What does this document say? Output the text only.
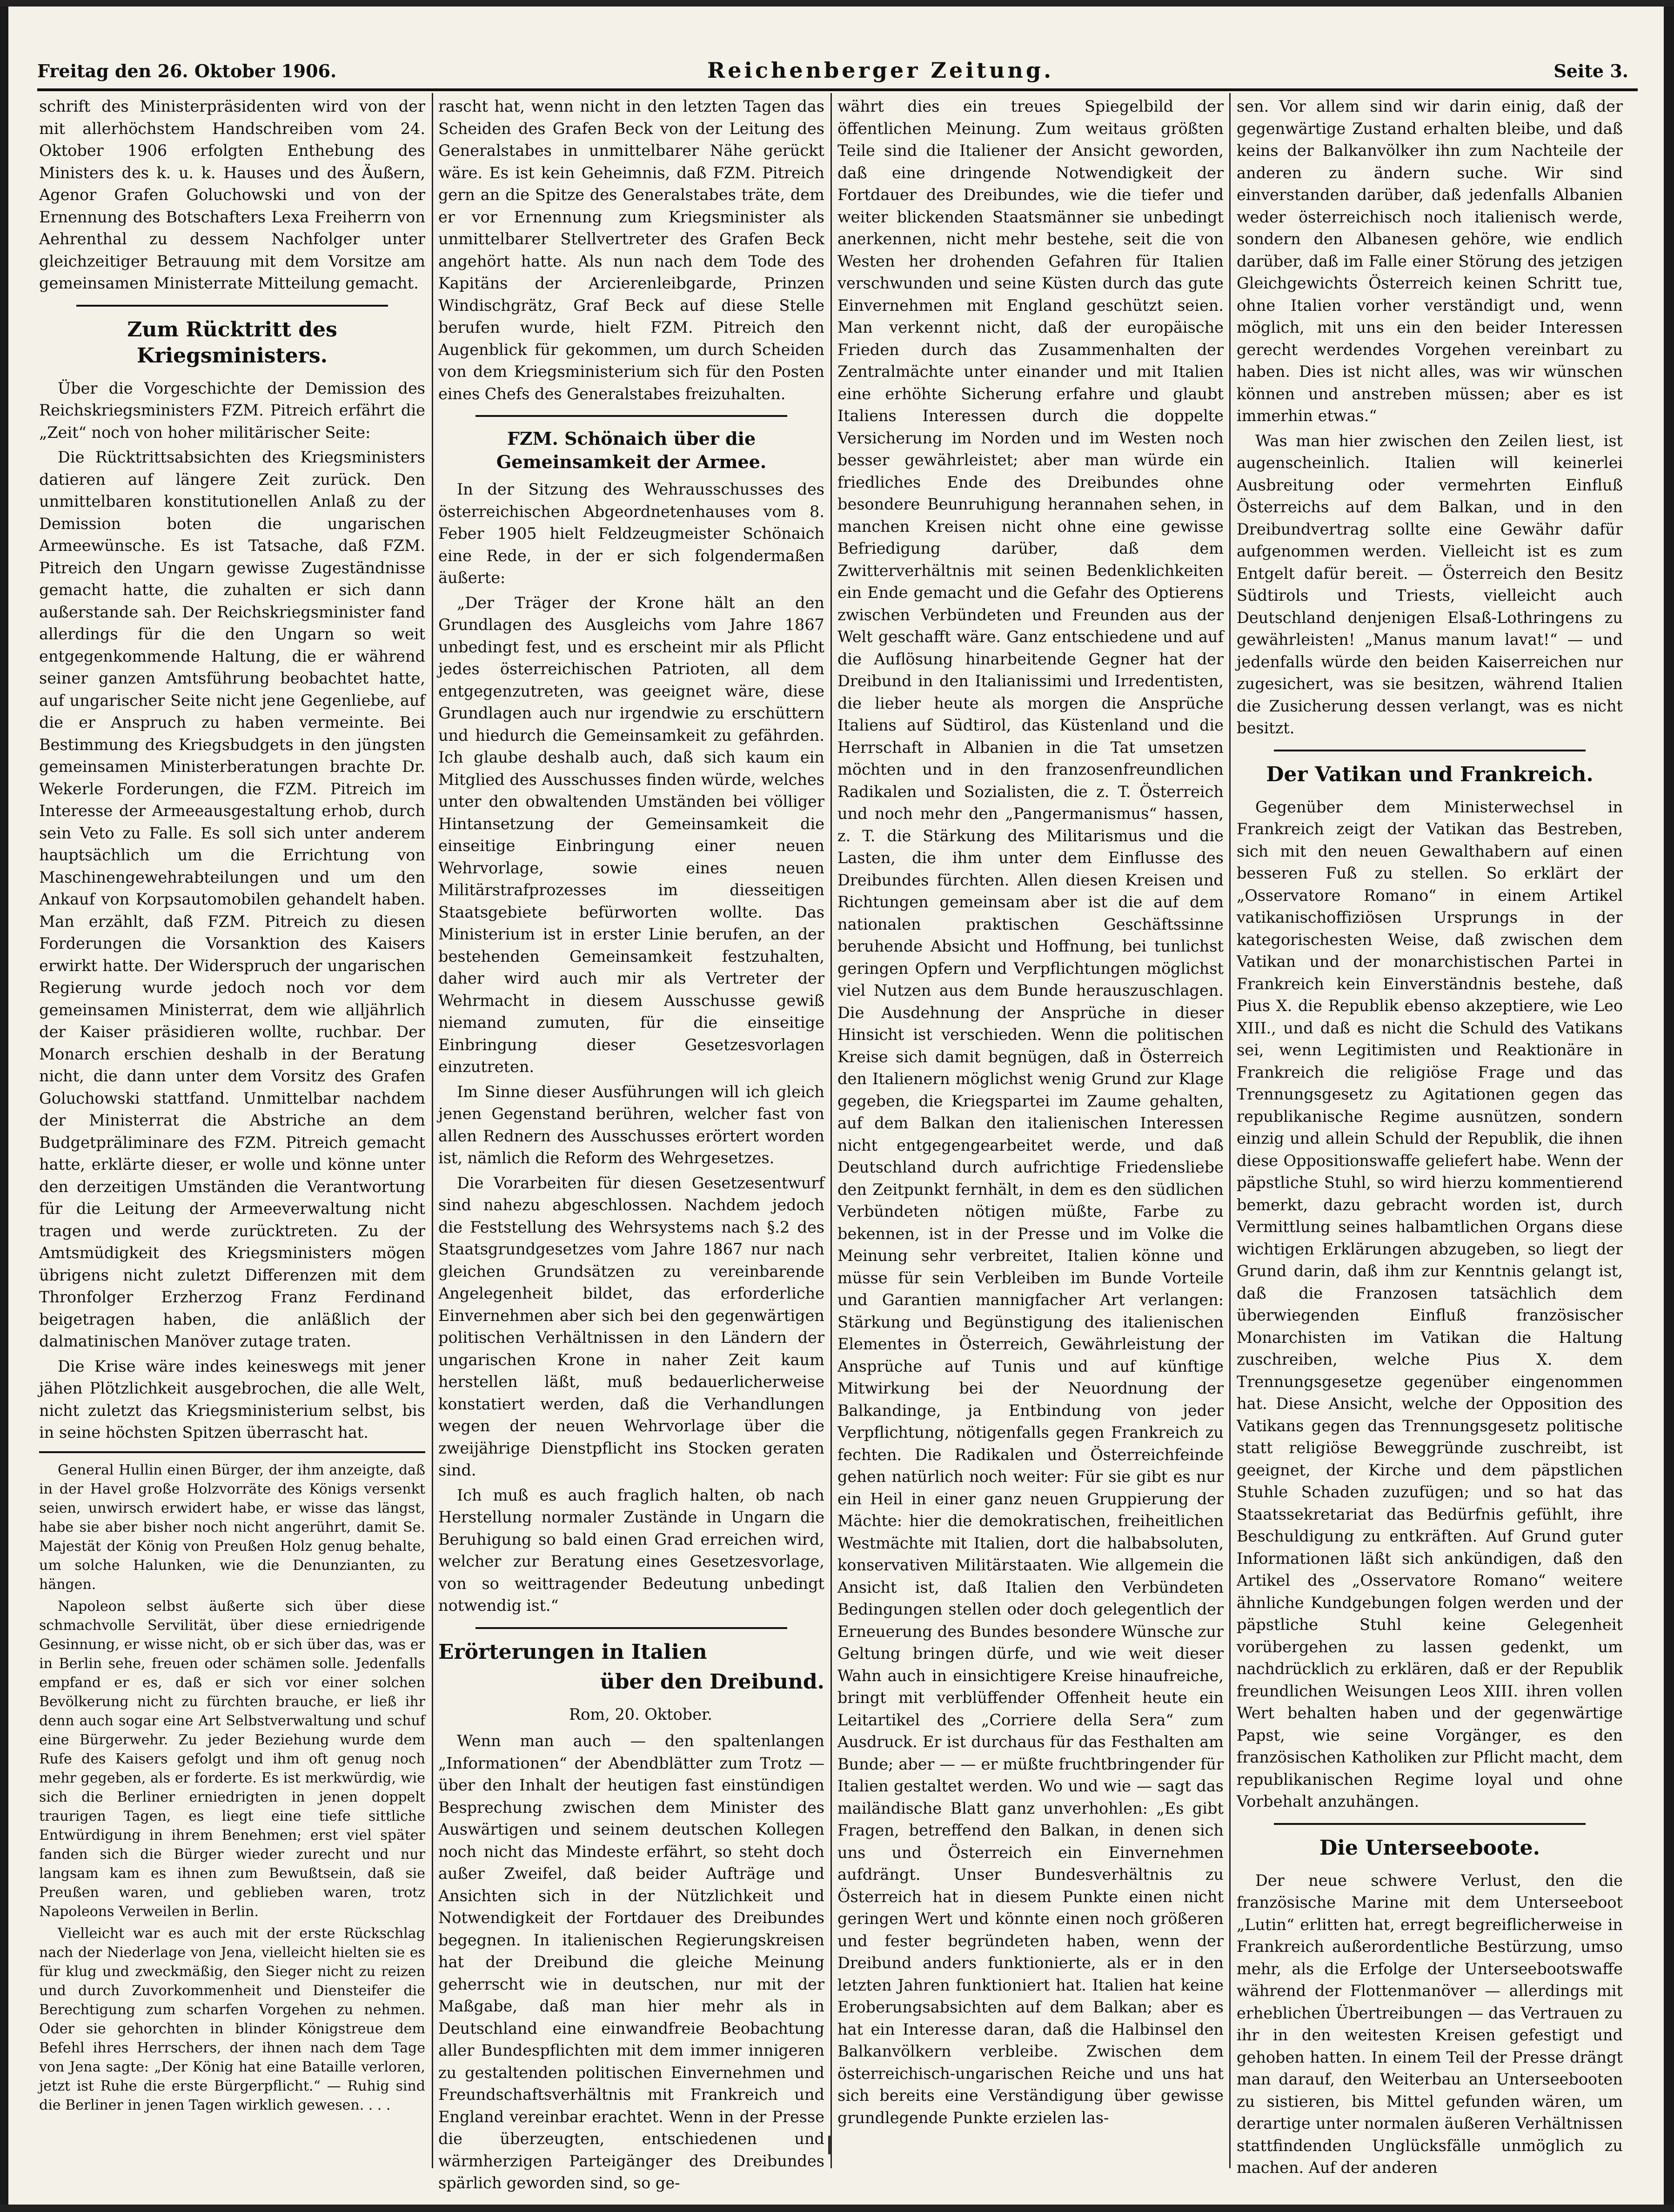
Freitag den 26. Oktober 1906.	Reichenberger Zeitung.	Seite 3.

schrift des Ministerpräsidenten wird von der mit allerhöchstem Handschreiben vom 24. Oktober 1906 erfolgten Enthebung des Ministers des k. u. k. Hauses und des Äußern, Agenor Grafen Goluchowski und von der Ernennung des Botschafters Lexa Freiherrn von Aehrenthal zu dessem Nachfolger unter gleichzeitiger Betrauung mit dem Vorsitze am gemeinsamen Ministerrate Mitteilung gemacht.

Zum Rücktritt des Kriegsministers.

Über die Vorgeschichte der Demission des Reichskriegsministers FZM. Pitreich erfährt die „Zeit“ noch von hoher militärischer Seite:

Die Rücktrittsabsichten des Kriegsministers datieren auf längere Zeit zurück. Den unmittelbaren konstitutionellen Anlaß zu der Demission boten die ungarischen Armeewünsche. Es ist Tatsache, daß FZM. Pitreich den Ungarn gewisse Zugeständnisse gemacht hatte, die zuhalten er sich dann außerstande sah. Der Reichskriegsminister fand allerdings für die den Ungarn so weit entgegenkommende Haltung, die er während seiner ganzen Amtsführung beobachtet hatte, auf ungarischer Seite nicht jene Gegenliebe, auf die er Anspruch zu haben vermeinte. Bei Bestimmung des Kriegsbudgets in den jüngsten gemeinsamen Ministerberatungen brachte Dr. Wekerle Forderungen, die FZM. Pitreich im Interesse der Armeeausgestaltung erhob, durch sein Veto zu Falle. Es soll sich unter anderem hauptsächlich um die Errichtung von Maschinengewehrabteilungen und um den Ankauf von Korpsautomobilen gehandelt haben. Man erzählt, daß FZM. Pitreich zu diesen Forderungen die Vorsanktion des Kaisers erwirkt hatte. Der Widerspruch der ungarischen Regierung wurde jedoch noch vor dem gemeinsamen Ministerrat, dem wie alljährlich der Kaiser präsidieren wollte, ruchbar. Der Monarch erschien deshalb in der Beratung nicht, die dann unter dem Vorsitz des Grafen Goluchowski stattfand. Unmittelbar nachdem der Ministerrat die Abstriche an dem Budgetpräliminare des FZM. Pitreich gemacht hatte, erklärte dieser, er wolle und könne unter den derzeitigen Umständen die Verantwortung für die Leitung der Armeeverwaltung nicht tragen und werde zurücktreten. Zu der Amtsmüdigkeit des Kriegsministers mögen übrigens nicht zuletzt Differenzen mit dem Thronfolger Erzherzog Franz Ferdinand beigetragen haben, die anläßlich der dalmatinischen Manöver zutage traten.

Die Krise wäre indes keineswegs mit jener jähen Plötzlichkeit ausgebrochen, die alle Welt, nicht zuletzt das Kriegsministerium selbst, bis in seine höchsten Spitzen überrascht hat.

General Hullin einen Bürger, der ihm anzeigte, daß in der Havel große Holzvorräte des Königs versenkt seien, unwirsch erwidert habe, er wisse das längst, habe sie aber bisher noch nicht angerührt, damit Se. Majestät der König von Preußen Holz genug behalte, um solche Halunken, wie die Denunzianten, zu hängen.

Napoleon selbst äußerte sich über diese schmachvolle Servilität, über diese erniedrigende Gesinnung, er wisse nicht, ob er sich über das, was er in Berlin sehe, freuen oder schämen solle. Jedenfalls empfand er es, daß er sich vor einer solchen Bevölkerung nicht zu fürchten brauche, er ließ ihr denn auch sogar eine Art Selbstverwaltung und schuf eine Bürgerwehr. Zu jeder Beziehung wurde dem Rufe des Kaisers gefolgt und ihm oft genug noch mehr gegeben, als er forderte. Es ist merkwürdig, wie sich die Berliner erniedrigten in jenen doppelt traurigen Tagen, es liegt eine tiefe sittliche Entwürdigung in ihrem Benehmen; erst viel später fanden sich die Bürger wieder zurecht und nur langsam kam es ihnen zum Bewußtsein, daß sie Preußen waren, und geblieben waren, trotz Napoleons Verweilen in Berlin.

Vielleicht war es auch mit der erste Rückschlag nach der Niederlage von Jena, vielleicht hielten sie es für klug und zweckmäßig, den Sieger nicht zu reizen und durch Zuvorkommenheit und Diensteifer die Berechtigung zum scharfen Vorgehen zu nehmen. Oder sie gehorchten in blinder Königstreue dem Befehl ihres Herrschers, der ihnen nach dem Tage von Jena sagte: „Der König hat eine Bataille verloren, jetzt ist Ruhe die erste Bürgerpflicht.“ — Ruhig sind die Berliner in jenen Tagen wirklich gewesen. . . .

rascht hat, wenn nicht in den letzten Tagen das Scheiden des Grafen Beck von der Leitung des Generalstabes in unmittelbarer Nähe gerückt wäre. Es ist kein Geheimnis, daß FZM. Pitreich gern an die Spitze des Generalstabes träte, dem er vor Ernennung zum Kriegsminister als unmittelbarer Stellvertreter des Grafen Beck angehört hatte. Als nun nach dem Tode des Kapitäns der Arcierenleibgarde, Prinzen Windischgrätz, Graf Beck auf diese Stelle berufen wurde, hielt FZM. Pitreich den Augenblick für gekommen, um durch Scheiden von dem Kriegsministerium sich für den Posten eines Chefs des Generalstabes freizuhalten.

FZM. Schönaich über die Gemeinsamkeit der Armee.

In der Sitzung des Wehrausschusses des österreichischen Abgeordnetenhauses vom 8. Feber 1905 hielt Feldzeugmeister Schönaich eine Rede, in der er sich folgendermaßen äußerte:

„Der Träger der Krone hält an den Grundlagen des Ausgleichs vom Jahre 1867 unbedingt fest, und es erscheint mir als Pflicht jedes österreichischen Patrioten, all dem entgegenzutreten, was geeignet wäre, diese Grundlagen auch nur irgendwie zu erschüttern und hiedurch die Gemeinsamkeit zu gefährden. Ich glaube deshalb auch, daß sich kaum ein Mitglied des Ausschusses finden würde, welches unter den obwaltenden Umständen bei völliger Hintansetzung der Gemeinsamkeit die einseitige Einbringung einer neuen Wehrvorlage, sowie eines neuen Militärstrafprozesses im diesseitigen Staatsgebiete befürworten wollte. Das Ministerium ist in erster Linie berufen, an der bestehenden Gemeinsamkeit festzuhalten, daher wird auch mir als Vertreter der Wehrmacht in diesem Ausschusse gewiß niemand zumuten, für die einseitige Einbringung dieser Gesetzesvorlagen einzutreten.

Im Sinne dieser Ausführungen will ich gleich jenen Gegenstand berühren, welcher fast von allen Rednern des Ausschusses erörtert worden ist, nämlich die Reform des Wehrgesetzes.

Die Vorarbeiten für diesen Gesetzesentwurf sind nahezu abgeschlossen. Nachdem jedoch die Feststellung des Wehrsystems nach §.2 des Staatsgrundgesetzes vom Jahre 1867 nur nach gleichen Grundsätzen zu vereinbarende Angelegenheit bildet, das erforderliche Einvernehmen aber sich bei den gegenwärtigen politischen Verhältnissen in den Ländern der ungarischen Krone in naher Zeit kaum herstellen läßt, muß bedauerlicherweise konstatiert werden, daß die Verhandlungen wegen der neuen Wehrvorlage über die zweijährige Dienstpflicht ins Stocken geraten sind.

Ich muß es auch fraglich halten, ob nach Herstellung normaler Zustände in Ungarn die Beruhigung so bald einen Grad erreichen wird, welcher zur Beratung eines Gesetzesvorlage, von so weittragender Bedeutung unbedingt notwendig ist.“

Erörterungen in Italien
über den Dreibund.

Rom, 20. Oktober.

Wenn man auch — den spaltenlangen „Informationen“ der Abendblätter zum Trotz — über den Inhalt der heutigen fast einstündigen Besprechung zwischen dem Minister des Auswärtigen und seinem deutschen Kollegen noch nicht das Mindeste erfährt, so steht doch außer Zweifel, daß beider Aufträge und Ansichten sich in der Nützlichkeit und Notwendigkeit der Fortdauer des Dreibundes begegnen. In italienischen Regierungskreisen hat der Dreibund die gleiche Meinung geherrscht wie in deutschen, nur mit der Maßgabe, daß man hier mehr als in Deutschland eine einwandfreie Beobachtung aller Bundespflichten mit dem immer innigeren zu gestaltenden politischen Einvernehmen und Freundschaftsverhältnis mit Frankreich und England vereinbar erachtet. Wenn in der Presse die überzeugten, entschiedenen und wärmherzigen Parteigänger des Dreibundes spärlich geworden sind, so ge-

währt dies ein treues Spiegelbild der öffentlichen Meinung. Zum weitaus größten Teile sind die Italiener der Ansicht geworden, daß eine dringende Notwendigkeit der Fortdauer des Dreibundes, wie die tiefer und weiter blickenden Staatsmänner sie unbedingt anerkennen, nicht mehr bestehe, seit die von Westen her drohenden Gefahren für Italien verschwunden und seine Küsten durch das gute Einvernehmen mit England geschützt seien. Man verkennt nicht, daß der europäische Frieden durch das Zusammenhalten der Zentralmächte unter einander und mit Italien eine erhöhte Sicherung erfahre und glaubt Italiens Interessen durch die doppelte Versicherung im Norden und im Westen noch besser gewährleistet; aber man würde ein friedliches Ende des Dreibundes ohne besondere Beunruhigung herannahen sehen, in manchen Kreisen nicht ohne eine gewisse Befriedigung darüber, daß dem Zwitterverhältnis mit seinen Bedenklichkeiten ein Ende gemacht und die Gefahr des Optierens zwischen Verbündeten und Freunden aus der Welt geschafft wäre. Ganz entschiedene und auf die Auflösung hinarbeitende Gegner hat der Dreibund in den Italianissimi und Irredentisten, die lieber heute als morgen die Ansprüche Italiens auf Südtirol, das Küstenland und die Herrschaft in Albanien in die Tat umsetzen möchten und in den franzosenfreundlichen Radikalen und Sozialisten, die z. T. Österreich und noch mehr den „Pangermanismus“ hassen, z. T. die Stärkung des Militarismus und die Lasten, die ihm unter dem Einflusse des Dreibundes fürchten. Allen diesen Kreisen und Richtungen gemeinsam aber ist die auf dem nationalen praktischen Geschäftssinne beruhende Absicht und Hoffnung, bei tunlichst geringen Opfern und Verpflichtungen möglichst viel Nutzen aus dem Bunde herauszuschlagen. Die Ausdehnung der Ansprüche in dieser Hinsicht ist verschieden. Wenn die politischen Kreise sich damit begnügen, daß in Österreich den Italienern möglichst wenig Grund zur Klage gegeben, die Kriegspartei im Zaume gehalten, auf dem Balkan den italienischen Interessen nicht entgegengearbeitet werde, und daß Deutschland durch aufrichtige Friedensliebe den Zeitpunkt fernhält, in dem es den südlichen Verbündeten nötigen müßte, Farbe zu bekennen, ist in der Presse und im Volke die Meinung sehr verbreitet, Italien könne und müsse für sein Verbleiben im Bunde Vorteile und Garantien mannigfacher Art verlangen: Stärkung und Begünstigung des italienischen Elementes in Österreich, Gewährleistung der Ansprüche auf Tunis und auf künftige Mitwirkung bei der Neuordnung der Balkandinge, ja Entbindung von jeder Verpflichtung, nötigenfalls gegen Frankreich zu fechten. Die Radikalen und Österreichfeinde gehen natürlich noch weiter: Für sie gibt es nur ein Heil in einer ganz neuen Gruppierung der Mächte: hier die demokratischen, freiheitlichen Westmächte mit Italien, dort die halbabsoluten, konservativen Militärstaaten. Wie allgemein die Ansicht ist, daß Italien den Verbündeten Bedingungen stellen oder doch gelegentlich der Erneuerung des Bundes besondere Wünsche zur Geltung bringen dürfe, und wie weit dieser Wahn auch in einsichtigere Kreise hinaufreiche, bringt mit verblüffender Offenheit heute ein Leitartikel des „Corriere della Sera“ zum Ausdruck. Er ist durchaus für das Festhalten am Bunde; aber — — er müßte fruchtbringender für Italien gestaltet werden. Wo und wie — sagt das mailändische Blatt ganz unverhohlen: „Es gibt Fragen, betreffend den Balkan, in denen sich uns und Österreich ein Einvernehmen aufdrängt. Unser Bundesverhältnis zu Österreich hat in diesem Punkte einen nicht geringen Wert und könnte einen noch größeren und fester begründeten haben, wenn der Dreibund anders funktionierte, als er in den letzten Jahren funktioniert hat. Italien hat keine Eroberungsabsichten auf dem Balkan; aber es hat ein Interesse daran, daß die Halbinsel den Balkanvölkern verbleibe. Zwischen dem österreichisch-ungarischen Reiche und uns hat sich bereits eine Verständigung über gewisse grundlegende Punkte erzielen las-

sen. Vor allem sind wir darin einig, daß der gegenwärtige Zustand erhalten bleibe, und daß keins der Balkanvölker ihn zum Nachteile der anderen zu ändern suche. Wir sind einverstanden darüber, daß jedenfalls Albanien weder österreichisch noch italienisch werde, sondern den Albanesen gehöre, wie endlich darüber, daß im Falle einer Störung des jetzigen Gleichgewichts Österreich keinen Schritt tue, ohne Italien vorher verständigt und, wenn möglich, mit uns ein den beider Interessen gerecht werdendes Vorgehen vereinbart zu haben. Dies ist nicht alles, was wir wünschen können und anstreben müssen; aber es ist immerhin etwas.“

Was man hier zwischen den Zeilen liest, ist augenscheinlich. Italien will keinerlei Ausbreitung oder vermehrten Einfluß Österreichs auf dem Balkan, und in den Dreibundvertrag sollte eine Gewähr dafür aufgenommen werden. Vielleicht ist es zum Entgelt dafür bereit. — Österreich den Besitz Südtirols und Triests, vielleicht auch Deutschland denjenigen Elsaß-Lothringens zu gewährleisten! „Manus manum lavat!“ — und jedenfalls würde den beiden Kaiserreichen nur zugesichert, was sie besitzen, während Italien die Zusicherung dessen verlangt, was es nicht besitzt.

Der Vatikan und Frankreich.

Gegenüber dem Ministerwechsel in Frankreich zeigt der Vatikan das Bestreben, sich mit den neuen Gewalthabern auf einen besseren Fuß zu stellen. So erklärt der „Osservatore Romano“ in einem Artikel vatikanischoffiziösen Ursprungs in der kategorischesten Weise, daß zwischen dem Vatikan und der monarchistischen Partei in Frankreich kein Einverständnis bestehe, daß Pius X. die Republik ebenso akzeptiere, wie Leo XIII., und daß es nicht die Schuld des Vatikans sei, wenn Legitimisten und Reaktionäre in Frankreich die religiöse Frage und das Trennungsgesetz zu Agitationen gegen das republikanische Regime ausnützen, sondern einzig und allein Schuld der Republik, die ihnen diese Oppositionswaffe geliefert habe. Wenn der päpstliche Stuhl, so wird hierzu kommentierend bemerkt, dazu gebracht worden ist, durch Vermittlung seines halbamtlichen Organs diese wichtigen Erklärungen abzugeben, so liegt der Grund darin, daß ihm zur Kenntnis gelangt ist, daß die Franzosen tatsächlich dem überwiegenden Einfluß französischer Monarchisten im Vatikan die Haltung zuschreiben, welche Pius X. dem Trennungsgesetze gegenüber eingenommen hat. Diese Ansicht, welche der Opposition des Vatikans gegen das Trennungsgesetz politische statt religiöse Beweggründe zuschreibt, ist geeignet, der Kirche und dem päpstlichen Stuhle Schaden zuzufügen; und so hat das Staatssekretariat das Bedürfnis gefühlt, ihre Beschuldigung zu entkräften. Auf Grund guter Informationen läßt sich ankündigen, daß den Artikel des „Osservatore Romano“ weitere ähnliche Kundgebungen folgen werden und der päpstliche Stuhl keine Gelegenheit vorübergehen zu lassen gedenkt, um nachdrücklich zu erklären, daß er der Republik freundlichen Weisungen Leos XIII. ihren vollen Wert behalten haben und der gegenwärtige Papst, wie seine Vorgänger, es den französischen Katholiken zur Pflicht macht, dem republikanischen Regime loyal und ohne Vorbehalt anzuhängen.

Die Unterseeboote.

Der neue schwere Verlust, den die französische Marine mit dem Unterseeboot „Lutin“ erlitten hat, erregt begreiflicherweise in Frankreich außerordentliche Bestürzung, umso mehr, als die Erfolge der Unterseebootswaffe während der Flottenmanöver — allerdings mit erheblichen Übertreibungen — das Vertrauen zu ihr in den weitesten Kreisen gefestigt und gehoben hatten. In einem Teil der Presse drängt man darauf, den Weiterbau an Unterseebooten zu sistieren, bis Mittel gefunden wären, um derartige unter normalen äußeren Verhältnissen stattfindenden Unglücksfälle unmöglich zu machen. Auf der anderen
